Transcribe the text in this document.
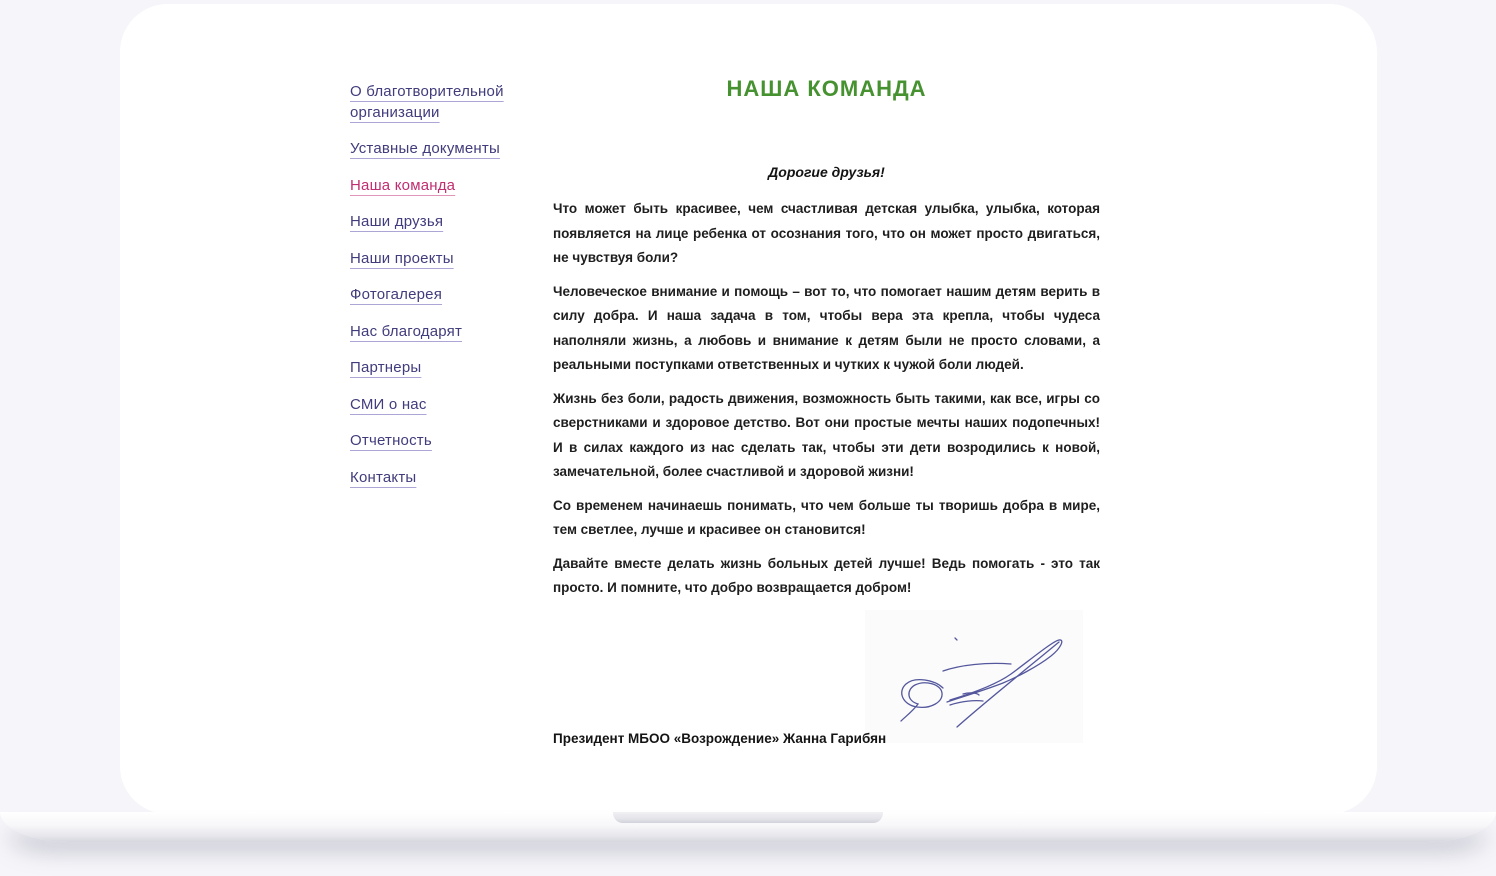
О благотворительной организации
Уставные документы
Наша команда
Наши друзья
Наши проекты
Фотогалерея
Нас благодарят
Партнеры
СМИ о нас
Отчетность
Контакты
НАША КОМАНДА
Дорогие друзья!

Что может быть красивее, чем счастливая детская улыбка, улыбка, которая появляется на лице ребенка от осознания того, что он может просто двигаться, не чувствуя боли?

Человеческое внимание и помощь – вот то, что помогает нашим детям верить в силу добра. И наша задача в том, чтобы вера эта крепла, чтобы чудеса наполняли жизнь, а любовь и внимание к детям были не просто словами, а реальными поступками ответственных и чутких к чужой боли людей.

Жизнь без боли, радость движения, возможность быть такими, как все, игры со сверстниками и здоровое детство. Вот они простые мечты наших подопечных! И в силах каждого из нас сделать так, чтобы эти дети возродились к новой, замечательной, более счастливой и здоровой жизни!

Со временем начинаешь понимать, что чем больше ты творишь добра в мире, тем светлее, лучше и красивее он становится!

Давайте вместе делать жизнь больных детей лучше! Ведь помогать - это так просто. И помните, что добро возвращается добром!

Президент МБОО «Возрождение» Жанна Гарибян
